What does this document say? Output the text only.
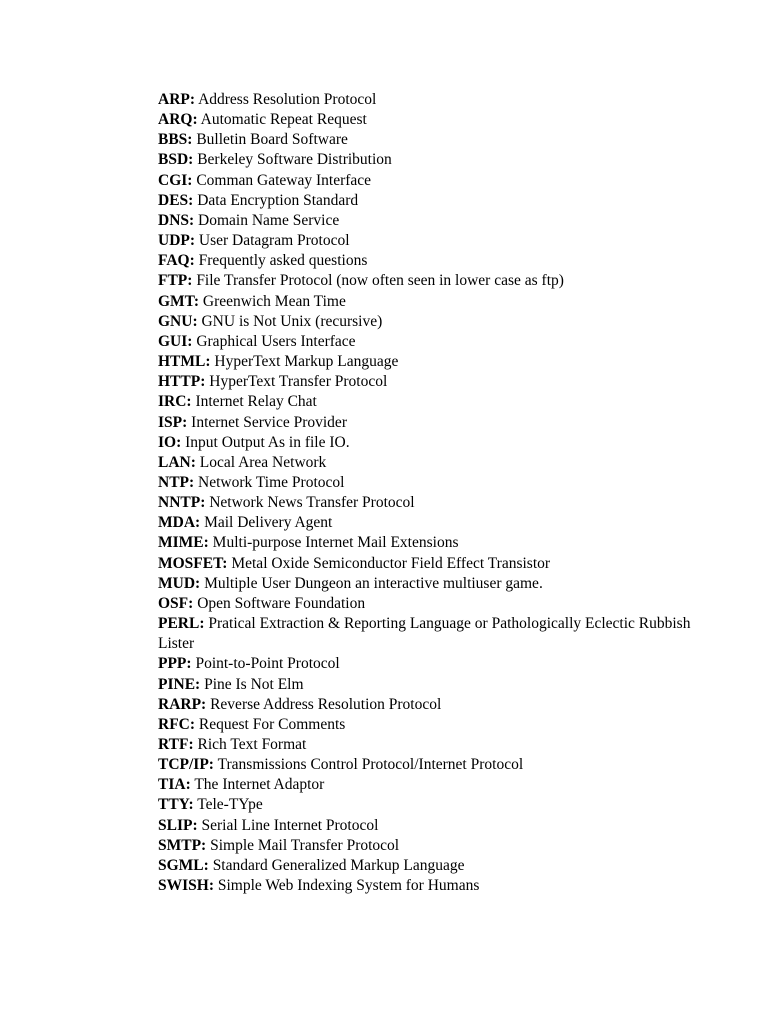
ARP: Address Resolution Protocol
ARQ: Automatic Repeat Request
BBS: Bulletin Board Software
BSD: Berkeley Software Distribution
CGI: Comman Gateway Interface
DES: Data Encryption Standard
DNS: Domain Name Service
UDP: User Datagram Protocol
FAQ: Frequently asked questions
FTP: File Transfer Protocol (now often seen in lower case as ftp)
GMT: Greenwich Mean Time
GNU: GNU is Not Unix (recursive)
GUI: Graphical Users Interface
HTML: HyperText Markup Language
HTTP: HyperText Transfer Protocol
IRC: Internet Relay Chat
ISP: Internet Service Provider
IO: Input Output As in file IO.
LAN: Local Area Network
NTP: Network Time Protocol
NNTP: Network News Transfer Protocol
MDA: Mail Delivery Agent
MIME: Multi-purpose Internet Mail Extensions
MOSFET: Metal Oxide Semiconductor Field Effect Transistor
MUD: Multiple User Dungeon an interactive multiuser game.
OSF: Open Software Foundation
PERL: Pratical Extraction & Reporting Language or Pathologically Eclectic Rubbish Lister
PPP: Point-to-Point Protocol
PINE: Pine Is Not Elm
RARP: Reverse Address Resolution Protocol
RFC: Request For Comments
RTF: Rich Text Format
TCP/IP: Transmissions Control Protocol/Internet Protocol
TIA: The Internet Adaptor
TTY: Tele-TYpe
SLIP: Serial Line Internet Protocol
SMTP: Simple Mail Transfer Protocol
SGML: Standard Generalized Markup Language
SWISH: Simple Web Indexing System for Humans
